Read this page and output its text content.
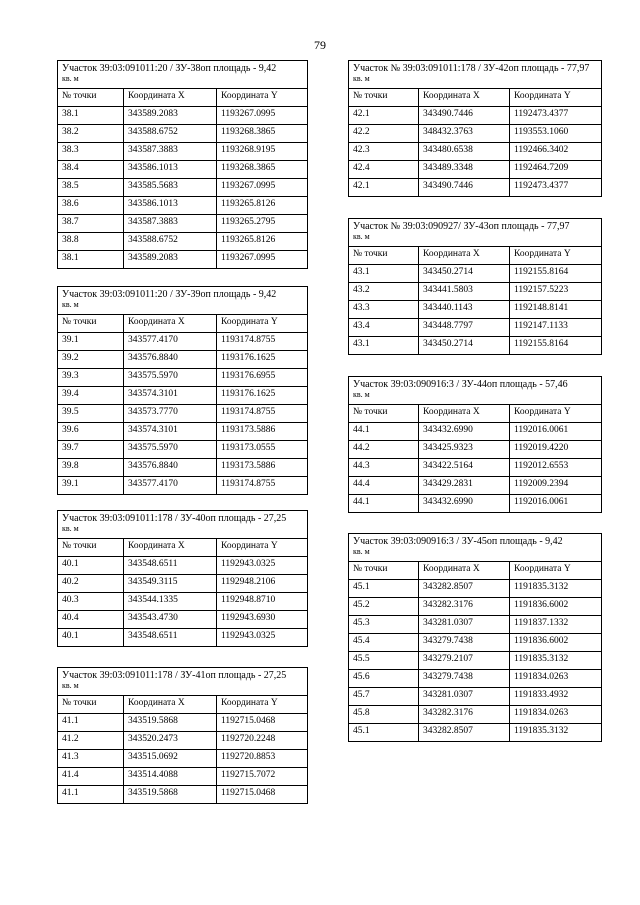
79
Участок 39:03:091011:20 / ЗУ-38оп площадь - 9,42
кв. м		
№ точки	Координата X	Координата Y
38.1	343589.2083	1193267.0995
38.2	343588.6752	1193268.3865
38.3	343587.3883	1193268.9195
38.4	343586.1013	1193268.3865
38.5	343585.5683	1193267.0995
38.6	343586.1013	1193265.8126
38.7	343587.3883	1193265.2795
38.8	343588.6752	1193265.8126
38.1	343589.2083	1193267.0995
Участок 39:03:091011:20 / ЗУ-39оп площадь - 9,42
кв. м		
№ точки	Координата X	Координата Y
39.1	343577.4170	1193174.8755
39.2	343576.8840	1193176.1625
39.3	343575.5970	1193176.6955
39.4	343574.3101	1193176.1625
39.5	343573.7770	1193174.8755
39.6	343574.3101	1193173.5886
39.7	343575.5970	1193173.0555
39.8	343576.8840	1193173.5886
39.1	343577.4170	1193174.8755
Участок 39:03:091011:178 / ЗУ-40оп площадь - 27,25
кв. м		
№ точки	Координата X	Координата Y
40.1	343548.6511	1192943.0325
40.2	343549.3115	1192948.2106
40.3	343544.1335	1192948.8710
40.4	343543.4730	1192943.6930
40.1	343548.6511	1192943.0325
Участок 39:03:091011:178 / ЗУ-41оп площадь - 27,25
кв. м		
№ точки	Координата X	Координата Y
41.1	343519.5868	1192715.0468
41.2	343520.2473	1192720.2248
41.3	343515.0692	1192720.8853
41.4	343514.4088	1192715.7072
41.1	343519.5868	1192715.0468
Участок № 39:03:091011:178 / ЗУ-42оп площадь - 77,97
кв. м		
№ точки	Координата X	Координата Y
42.1	343490.7446	1192473.4377
42.2	348432.3763	1193553.1060
42.3	343480.6538	1192466.3402
42.4	343489.3348	1192464.7209
42.1	343490.7446	1192473.4377
Участок № 39:03:090927/ ЗУ-43оп площадь - 77,97
кв. м		
№ точки	Координата X	Координата Y
43.1	343450.2714	1192155.8164
43.2	343441.5803	1192157.5223
43.3	343440.1143	1192148.8141
43.4	343448.7797	1192147.1133
43.1	343450.2714	1192155.8164
Участок 39:03:090916:3 / ЗУ-44оп площадь - 57,46
кв. м		
№ точки	Координата X	Координата Y
44.1	343432.6990	1192016.0061
44.2	343425.9323	1192019.4220
44.3	343422.5164	1192012.6553
44.4	343429.2831	1192009.2394
44.1	343432.6990	1192016.0061
Участок 39:03:090916:3 / ЗУ-45оп площадь - 9,42
кв. м		
№ точки	Координата X	Координата Y
45.1	343282.8507	1191835.3132
45.2	343282.3176	1191836.6002
45.3	343281.0307	1191837.1332
45.4	343279.7438	1191836.6002
45.5	343279.2107	1191835.3132
45.6	343279.7438	1191834.0263
45.7	343281.0307	1191833.4932
45.8	343282.3176	1191834.0263
45.1	343282.8507	1191835.3132
